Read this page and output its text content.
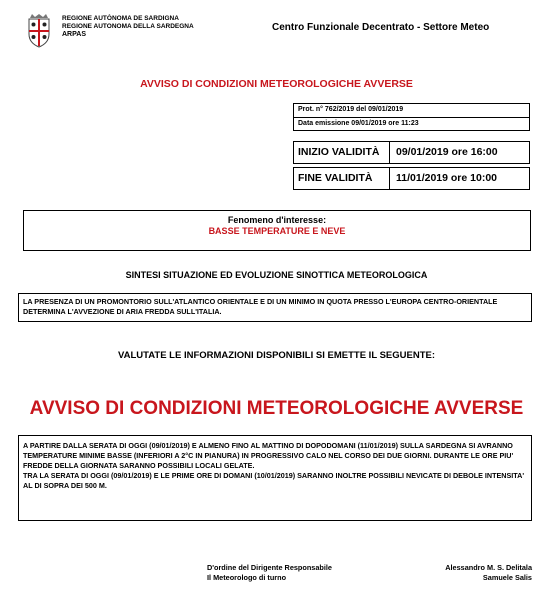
REGIONE AUTÒNOMA DE SARDIGNA
REGIONE AUTONOMA DELLA SARDEGNA
ARPAS
Centro Funzionale Decentrato - Settore Meteo
AVVISO DI CONDIZIONI METEOROLOGICHE AVVERSE
Prot. n° 762/2019 del 09/01/2019
Data emissione 09/01/2019 ore 11:23
INIZIO VALIDITÀ	09/01/2019 ore 16:00
FINE VALIDITÀ	11/01/2019 ore 10:00
Fenomeno d'interesse:
BASSE TEMPERATURE E NEVE
SINTESI SITUAZIONE ED EVOLUZIONE SINOTTICA METEOROLOGICA
LA PRESENZA DI UN PROMONTORIO SULL'ATLANTICO ORIENTALE E DI UN MINIMO IN QUOTA PRESSO L'EUROPA CENTRO-ORIENTALE DETERMINA L'AVVEZIONE DI ARIA FREDDA SULL'ITALIA.
VALUTATE LE INFORMAZIONI DISPONIBILI SI EMETTE IL SEGUENTE:
AVVISO DI CONDIZIONI METEOROLOGICHE AVVERSE
A PARTIRE DALLA SERATA DI OGGI (09/01/2019) E ALMENO FINO AL MATTINO DI DOPODOMANI (11/01/2019) SULLA SARDEGNA SI AVRANNO TEMPERATURE MINIME BASSE (INFERIORI A 2°C IN PIANURA) IN PROGRESSIVO CALO NEL CORSO DEI DUE GIORNI. DURANTE LE ORE PIU' FREDDE DELLA GIORNATA SARANNO POSSIBILI LOCALI GELATE.
TRA LA SERATA DI OGGI (09/01/2019) E LE PRIME ORE DI DOMANI (10/01/2019) SARANNO INOLTRE POSSIBILI NEVICATE DI DEBOLE INTENSITA' AL DI SOPRA DEI 500 M.
D'ordine del Dirigente Responsabile
Il Meteorologo di turno
Alessandro M. S. Delitala
Samuele Salis
